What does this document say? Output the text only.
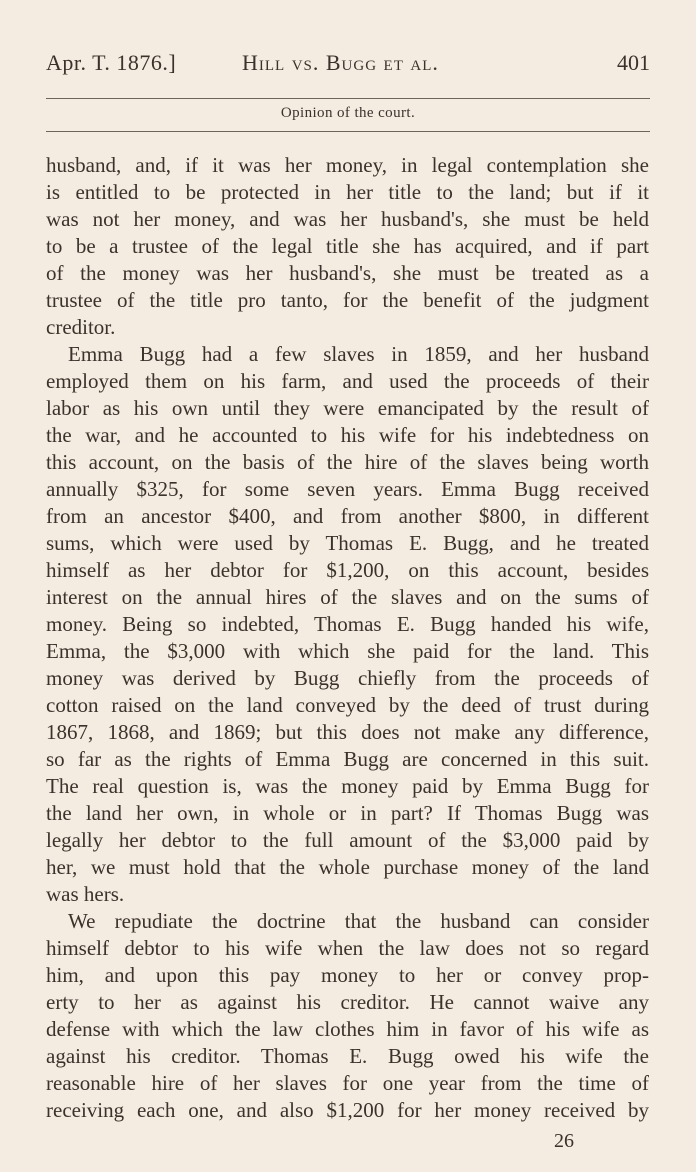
Apr. T. 1876.]	Hill vs. Bugg et al.	401
Opinion of the court.
husband, and, if it was her money, in legal contemplation she
is entitled to be protected in her title to the land; but if it
was not her money, and was her husband's, she must be held
to be a trustee of the legal title she has acquired, and if part
of the money was her husband's, she must be treated as a
trustee of the title pro tanto, for the benefit of the judgment
creditor.
Emma Bugg had a few slaves in 1859, and her husband
employed them on his farm, and used the proceeds of their
labor as his own until they were emancipated by the result of
the war, and he accounted to his wife for his indebtedness on
this account, on the basis of the hire of the slaves being worth
annually $325, for some seven years. Emma Bugg received
from an ancestor $400, and from another $800, in different
sums, which were used by Thomas E. Bugg, and he treated
himself as her debtor for $1,200, on this account, besides
interest on the annual hires of the slaves and on the sums of
money. Being so indebted, Thomas E. Bugg handed his wife,
Emma, the $3,000 with which she paid for the land. This
money was derived by Bugg chiefly from the proceeds of
cotton raised on the land conveyed by the deed of trust during
1867, 1868, and 1869; but this does not make any difference,
so far as the rights of Emma Bugg are concerned in this suit.
The real question is, was the money paid by Emma Bugg for
the land her own, in whole or in part? If Thomas Bugg was
legally her debtor to the full amount of the $3,000 paid by
her, we must hold that the whole purchase money of the land
was hers.
We repudiate the doctrine that the husband can consider
himself debtor to his wife when the law does not so regard
him, and upon this pay money to her or convey prop-
erty to her as against his creditor. He cannot waive any
defense with which the law clothes him in favor of his wife as
against his creditor. Thomas E. Bugg owed his wife the
reasonable hire of her slaves for one year from the time of
receiving each one, and also $1,200 for her money received by
26
